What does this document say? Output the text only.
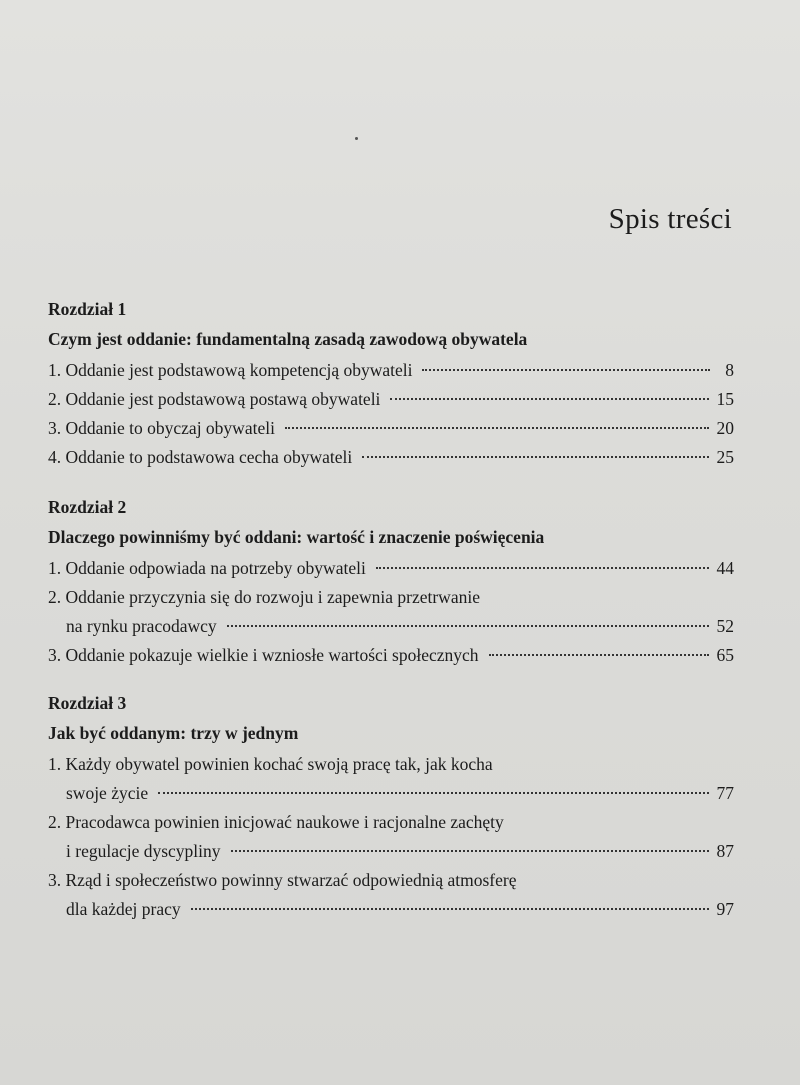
Spis treści
Rozdział 1
Czym jest oddanie: fundamentalną zasadą zawodową obywatela
1. Oddanie jest podstawową kompetencją obywateli	8
2. Oddanie jest podstawową postawą obywateli	15
3. Oddanie to obyczaj obywateli	20
4. Oddanie to podstawowa cecha obywateli	25
Rozdział 2
Dlaczego powinniśmy być oddani: wartość i znaczenie poświęcenia
1. Oddanie odpowiada na potrzeby obywateli	44
2. Oddanie przyczynia się do rozwoju i zapewnia przetrwanie
na rynku pracodawcy	52
3. Oddanie pokazuje wielkie i wzniosłe wartości społecznych	65
Rozdział 3
Jak być oddanym: trzy w jednym
1. Każdy obywatel powinien kochać swoją pracę tak, jak kocha
swoje życie	77
2. Pracodawca powinien inicjować naukowe i racjonalne zachęty
i regulacje dyscypliny	87
3. Rząd i społeczeństwo powinny stwarzać odpowiednią atmosferę
dla każdej pracy	97
